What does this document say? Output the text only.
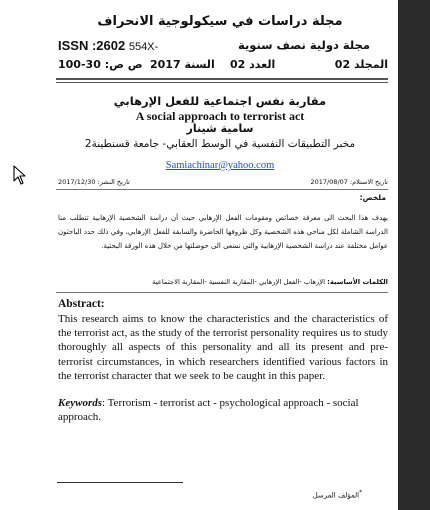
مجلة دراسات في سيكولوجية الانحراف
ISSN :2602 554X-	مجلة دولية نصف سنوية
ص ص: 30-100 السنة 2017 العدد 02	المجلد 02
مقاربة نفس اجتماعية للفعل الإرهابي
A social approach to terrorist act
سامية شينار
مخبر التطبيقات النفسية في الوسط العقابي- جامعة قسنطينة2
Samiachinar@yahoo.com
تاريخ النشر: 2017/12/30	تاريخ الاستلام: 2017/08/07
ملخص:
يهدف هذا البحث الى معرفة خصائص ومقومات الفعل الإرهابي حيث أن دراسة الشخصية الإرهابية تتطلب منا الدراسة الشاملة لكل مناحي هذه الشخصية وكل ظروفها الحاضرة والسابقة للفعل الإرهابي، وفي ذلك حدد الباحثون عوامل مختلفة عند دراسة الشخصية الإرهابية والتي نسعى الى حوصلتها من خلال هذه الورقة البحثية.
الكلمات الأساسية: الإرهاب -الفعل الإرهابي -المقاربة النفسية -المقاربة الاجتماعية
Abstract:
This research aims to know the characteristics and the characteristics of the terrorist act, as the study of the terrorist personality requires us to study thoroughly all aspects of this personality and all its present and pre-terrorist circumstances, in which researchers identified various factors in the terrorist character that we seek to be caught in this paper.
Keywords: Terrorism - terrorist act - psychological approach - social approach.
*المؤلف المرسل
